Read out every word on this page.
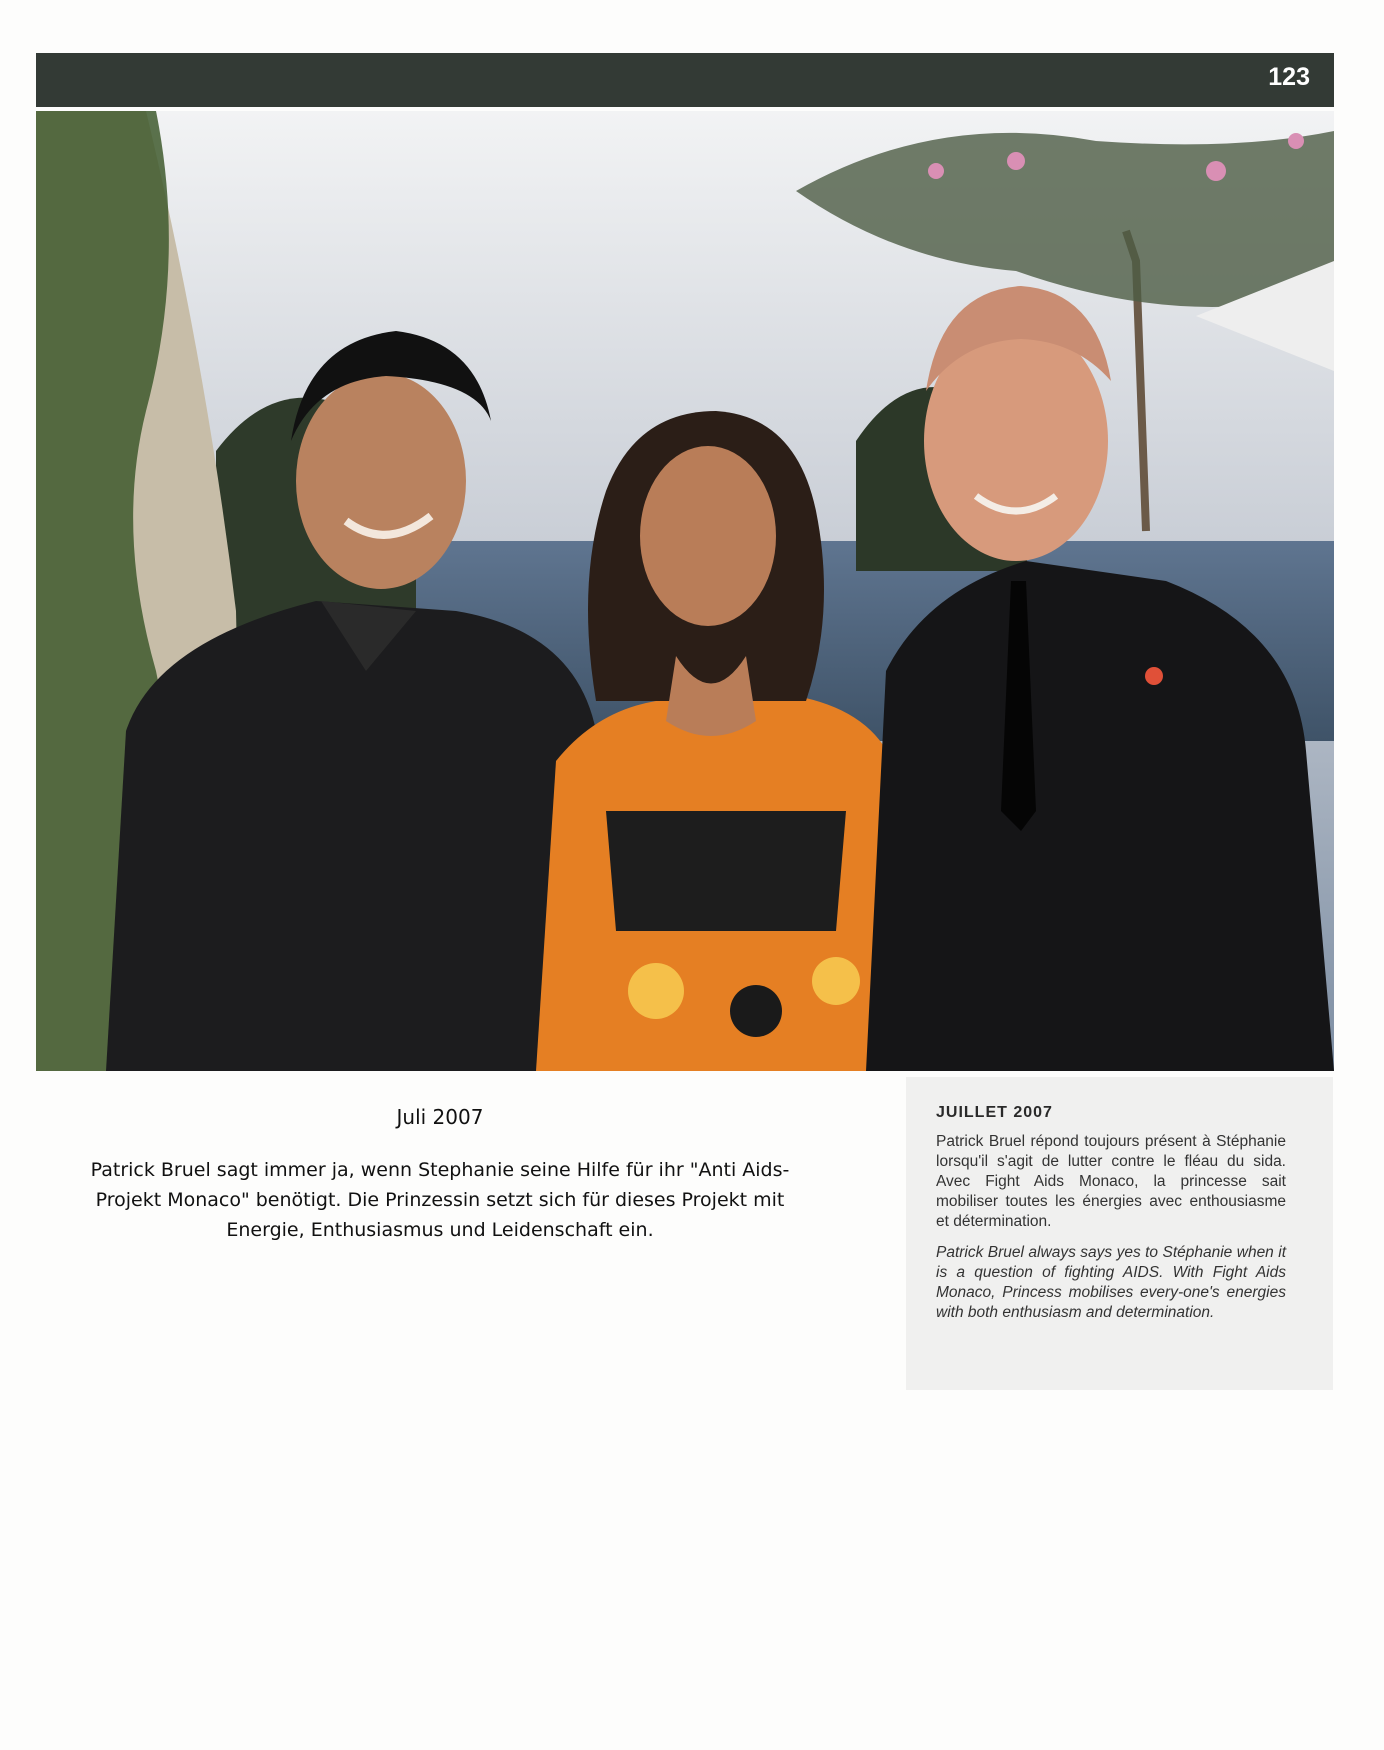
123
Juli 2007
Patrick Bruel sagt immer ja, wenn Stephanie seine Hilfe für ihr "Anti Aids-Projekt Monaco" benötigt. Die Prinzessin setzt sich für dieses Projekt mit Energie, Enthusiasmus und Leidenschaft ein.
JUILLET 2007
Patrick Bruel répond toujours présent à Stéphanie lorsqu'il s'agit de lutter contre le fléau du sida. Avec Fight Aids Monaco, la princesse sait mobiliser toutes les énergies avec enthousiasme et détermination.
Patrick Bruel always says yes to Stéphanie when it is a question of fighting AIDS. With Fight Aids Monaco, Princess mobilises every-one's energies with both enthusiasm and determination.
